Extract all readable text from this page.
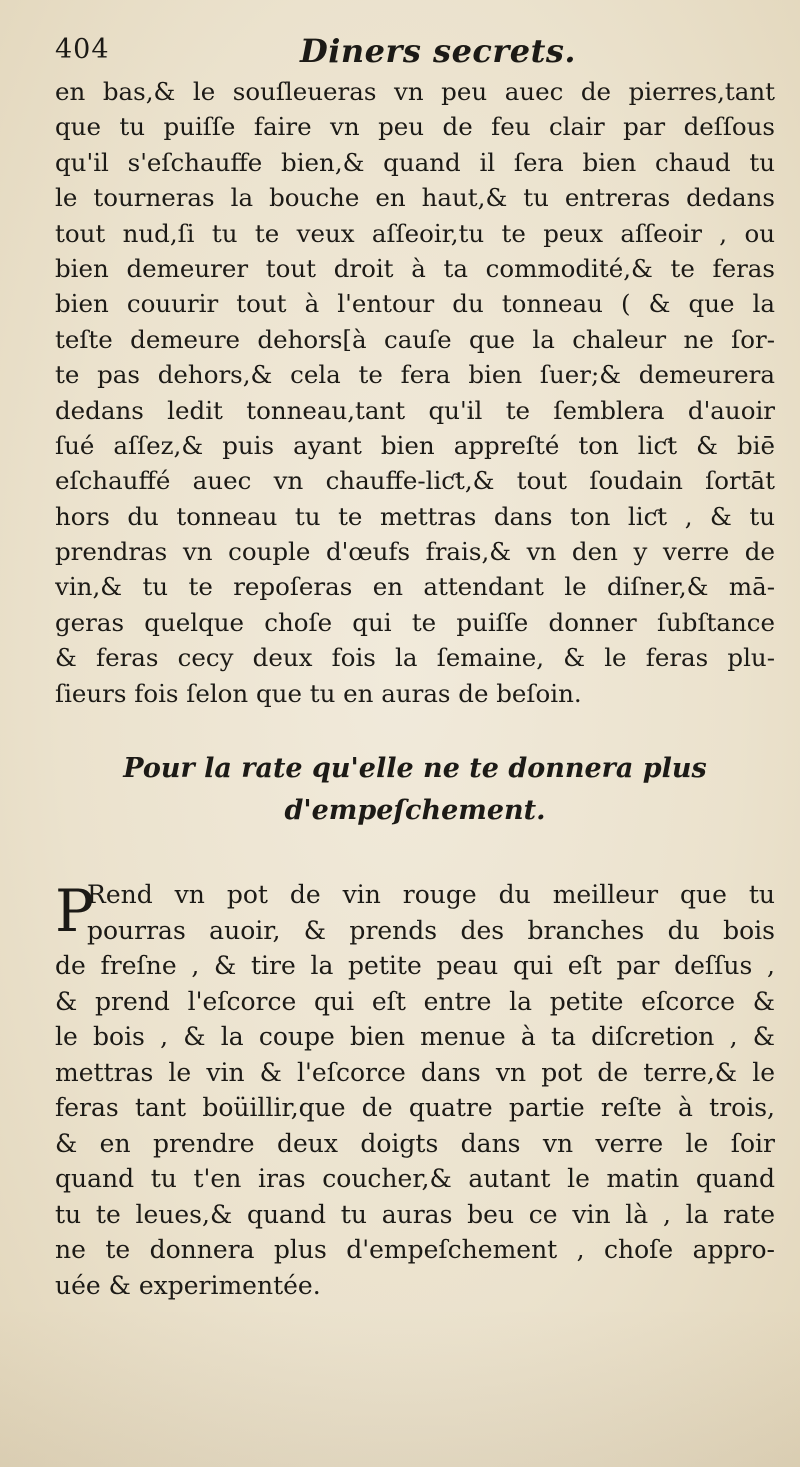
404	Diners secrets.
en bas,& le souſleueras vn peu auec de pierres,tant
que tu puiſſe faire vn peu de feu clair par deſſous
qu'il s'eſchauffe bien,& quand il ſera bien chaud tu
le tourneras la bouche en haut,& tu entreras dedans
tout nud,ſi tu te veux aſſeoir,tu te peux aſſeoir , ou
bien demeurer tout droit à ta commodité,& te feras
bien couurir tout à l'entour du tonneau ( & que la
teſte demeure dehors[à cauſe que la chaleur ne ſor-
te pas dehors,& cela te fera bien ſuer;& demeurera
dedans ledit tonneau,tant qu'il te ſemblera d'auoir
ſué aſſez,& puis ayant bien appreſté ton liƈt & biē
eſchauffé auec vn chauffe-liƈt,& tout ſoudain ſortāt
hors du tonneau tu te mettras dans ton liƈt , & tu
prendras vn couple d'œufs frais,& vn den y verre de
vin,& tu te repoſeras en attendant le diſner,& mā-
geras quelque choſe qui te puiſſe donner ſubſtance
& feras cecy deux fois la ſemaine, & le feras plu-
ſieurs fois ſelon que tu en auras de beſoin.
Pour la rate qu'elle ne te donnera plus
d'empeſchement.
P
Rend vn pot de vin rouge du meilleur que tu
pourras auoir, & prends des branches du bois
de freſne , & tire la petite peau qui eſt par deſſus ,
& prend l'eſcorce qui eſt entre la petite eſcorce &
le bois , & la coupe bien menue à ta diſcretion , &
mettras le vin & l'eſcorce dans vn pot de terre,& le
feras tant boüillir,que de quatre partie reſte à trois,
& en prendre deux doigts dans vn verre le ſoir
quand tu t'en iras coucher,& autant le matin quand
tu te leues,& quand tu auras beu ce vin là , la rate
ne te donnera plus d'empeſchement , choſe appro-
uée & experimentée.
